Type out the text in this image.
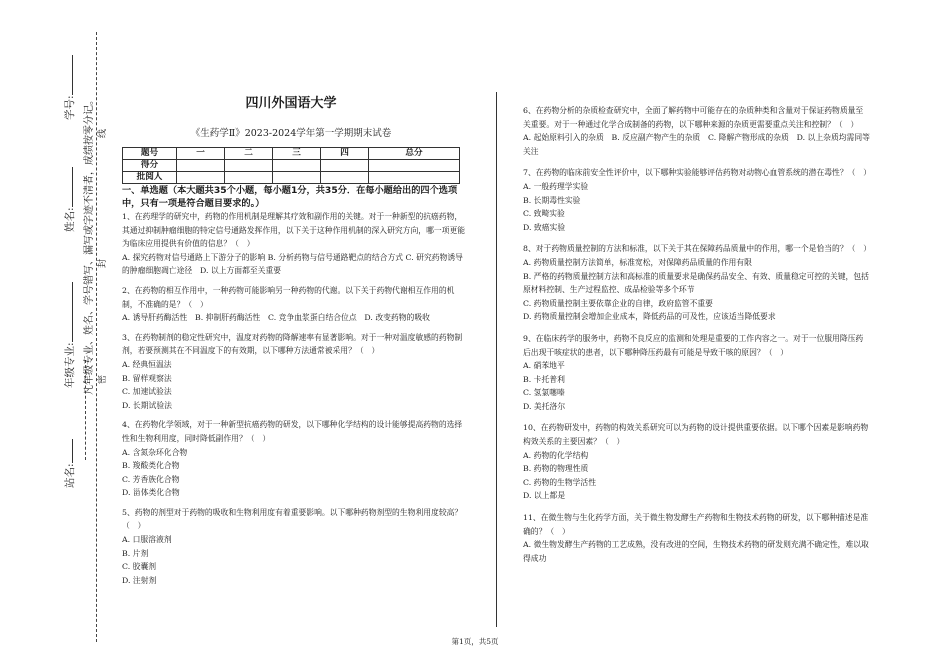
学号:
姓名:
年级专业:
站名:
凡年级专业、姓名、学号错写、漏写或字迹不清者，成绩按零分记。 线
封
密
四川外国语大学
《生药学Ⅱ》2023-2024学年第一学期期末试卷
题号	一	二	三	四	总分
得分					
批阅人					
一、单选题（本大题共35个小题，每小题1分，共35分．在每小题给出的四个选项中，只有一项是符合题目要求的。）
1、在药理学的研究中，药物的作用机制是理解其疗效和副作用的关键。对于一种新型的抗癌药物，其通过抑制肿瘤细胞的特定信号通路发挥作用，以下关于这种作用机制的深入研究方向，哪一项更能为临床应用提供有价值的信息？（　）
A. 探究药物对信号通路上下游分子的影响 B. 分析药物与信号通路靶点的结合方式 C. 研究药物诱导的肿瘤细胞凋亡途径　D. 以上方面都至关重要
2、在药物的相互作用中，一种药物可能影响另一种药物的代谢。以下关于药物代谢相互作用的机制，不准确的是？（　）
A. 诱导肝药酶活性　B. 抑制肝药酶活性　C. 竞争血浆蛋白结合位点　D. 改变药物的吸收
3、在药物制剂的稳定性研究中，温度对药物的降解速率有显著影响。对于一种对温度敏感的药物制剂，若要预测其在不同温度下的有效期，以下哪种方法通常被采用？（　）
A. 经典恒温法
B. 留样观察法
C. 加速试验法
D. 长期试验法
4、在药物化学领域，对于一种新型抗癌药物的研发，以下哪种化学结构的设计能够提高药物的选择性和生物利用度，同时降低副作用？（　）
A. 含氮杂环化合物
B. 羧酸类化合物
C. 芳香族化合物
D. 甾体类化合物
5、药物的剂型对于药物的吸收和生物利用度有着重要影响。以下哪种药物剂型的生物利用度较高？（　）
A. 口服溶液剂
B. 片剂
C. 胶囊剂
D. 注射剂
6、在药物分析的杂质检查研究中，全面了解药物中可能存在的杂质种类和含量对于保证药物质量至关重要。对于一种通过化学合成制备的药物，以下哪种来源的杂质更需要重点关注和控制？（　）
A. 起始原料引入的杂质　B. 反应副产物产生的杂质　C. 降解产物形成的杂质　D. 以上杂质均需同等关注
7、在药物的临床前安全性评价中，以下哪种实验能够评估药物对动物心血管系统的潜在毒性？（　）
A. 一般药理学实验
B. 长期毒性实验
C. 致畸实验
D. 致癌实验
8、对于药物质量控制的方法和标准，以下关于其在保障药品质量中的作用，哪一个是恰当的？（　）
A. 药物质量控制方法简单，标准宽松，对保障药品质量的作用有限
B. 严格的药物质量控制方法和高标准的质量要求是确保药品安全、有效、质量稳定可控的关键，包括原材料控制、生产过程监控、成品检验等多个环节
C. 药物质量控制主要依靠企业的自律，政府监管不重要
D. 药物质量控制会增加企业成本，降低药品的可及性，应该适当降低要求
9、在临床药学的服务中，药物不良反应的监测和处理是重要的工作内容之一。对于一位服用降压药后出现干咳症状的患者，以下哪种降压药最有可能是导致干咳的原因？（　）
A. 硝苯地平
B. 卡托普利
C. 氢氯噻嗪
D. 美托洛尔
10、在药物研发中，药物的构效关系研究可以为药物的设计提供重要依据。以下哪个因素是影响药物构效关系的主要因素？（　）
A. 药物的化学结构
B. 药物的物理性质
C. 药物的生物学活性
D. 以上都是
11、在微生物与生化药学方面，关于微生物发酵生产药物和生物技术药物的研发，以下哪种描述是准确的？（　）
A. 微生物发酵生产药物的工艺成熟，没有改进的空间，生物技术药物的研发则充满不确定性，难以取得成功
第1页，共5页
